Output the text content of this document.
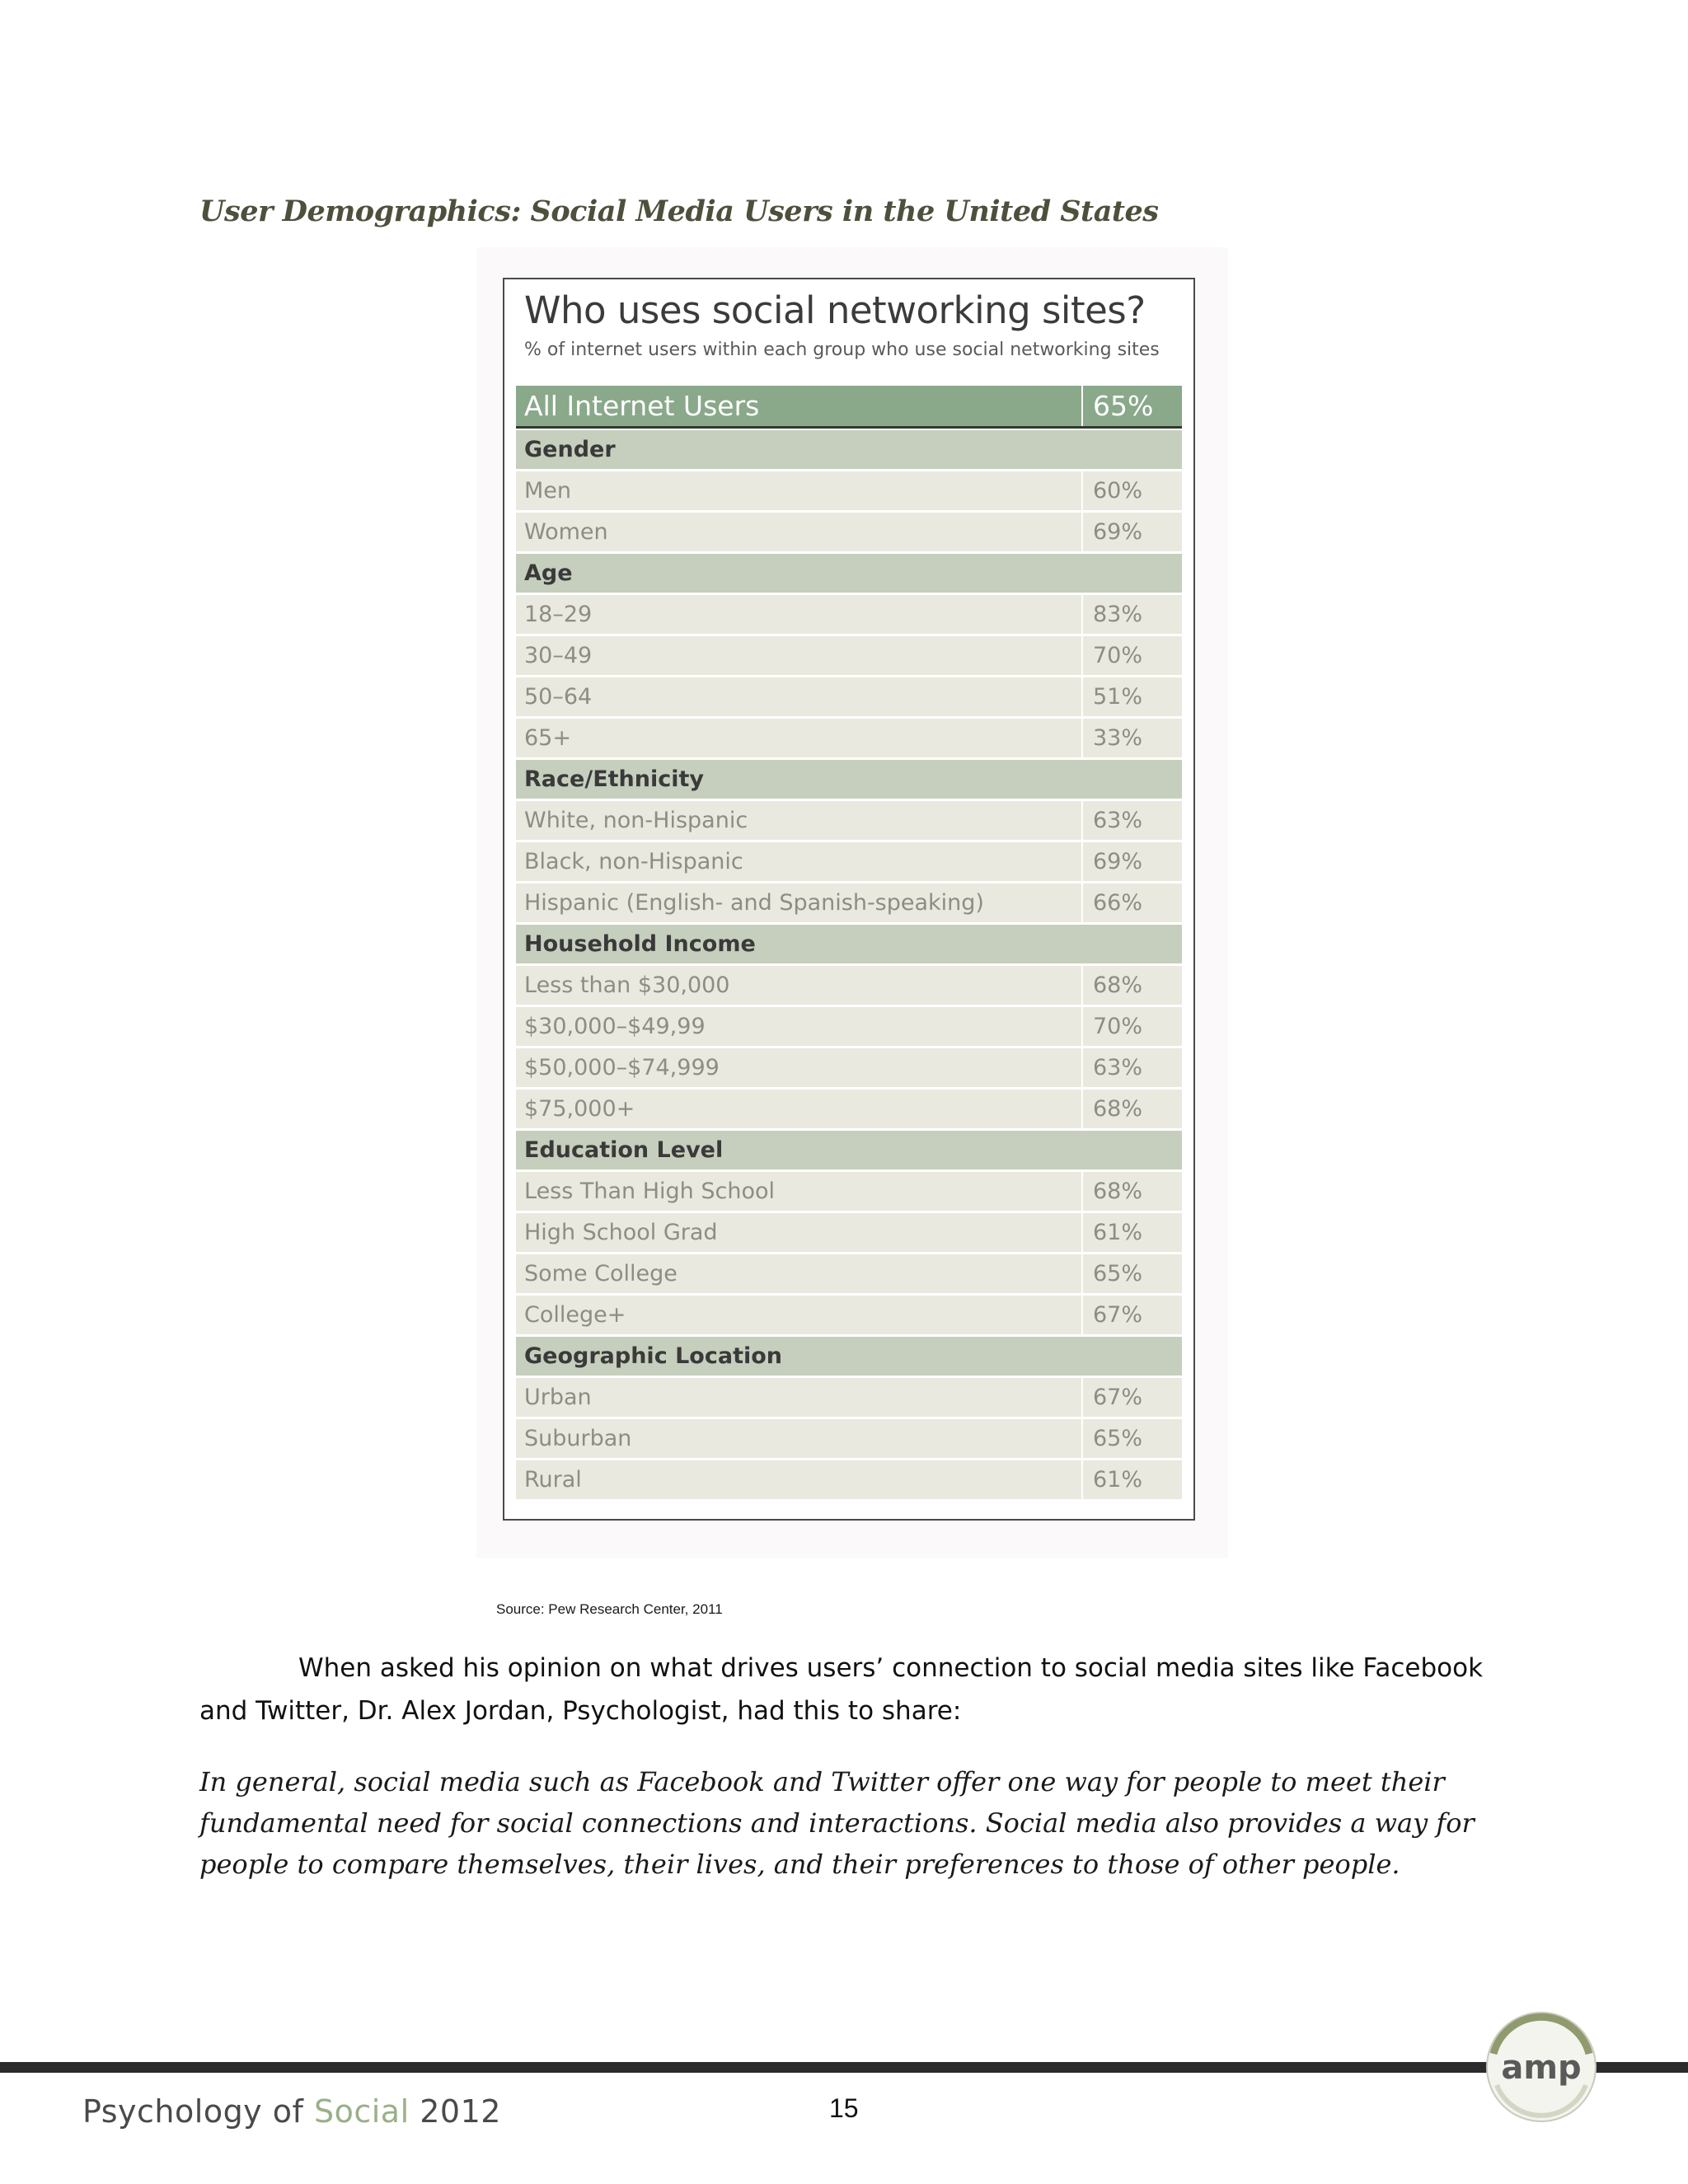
User Demographics: Social Media Users in the United States
Who uses social networking sites?
% of internet users within each group who use social networking sites
All Internet Users	65%
Gender
Men	60%
Women	69%
Age
18–29	83%
30–49	70%
50–64	51%
65+	33%
Race/Ethnicity
White, non-Hispanic	63%
Black, non-Hispanic	69%
Hispanic (English- and Spanish-speaking)	66%
Household Income
Less than $30,000	68%
$30,000–$49,99	70%
$50,000–$74,999	63%
$75,000+	68%
Education Level
Less Than High School	68%
High School Grad	61%
Some College	65%
College+	67%
Geographic Location
Urban	67%
Suburban	65%
Rural	61%
Source: Pew Research Center, 2011

When asked his opinion on what drives users’ connection to social media sites like Facebook and Twitter, Dr. Alex Jordan, Psychologist, had this to share:

In general, social media such as Facebook and Twitter offer one way for people to meet their fundamental need for social connections and interactions. Social media also provides a way for people to compare themselves, their lives, and their preferences to those of other people.

Psychology of Social 2012	15
amp
